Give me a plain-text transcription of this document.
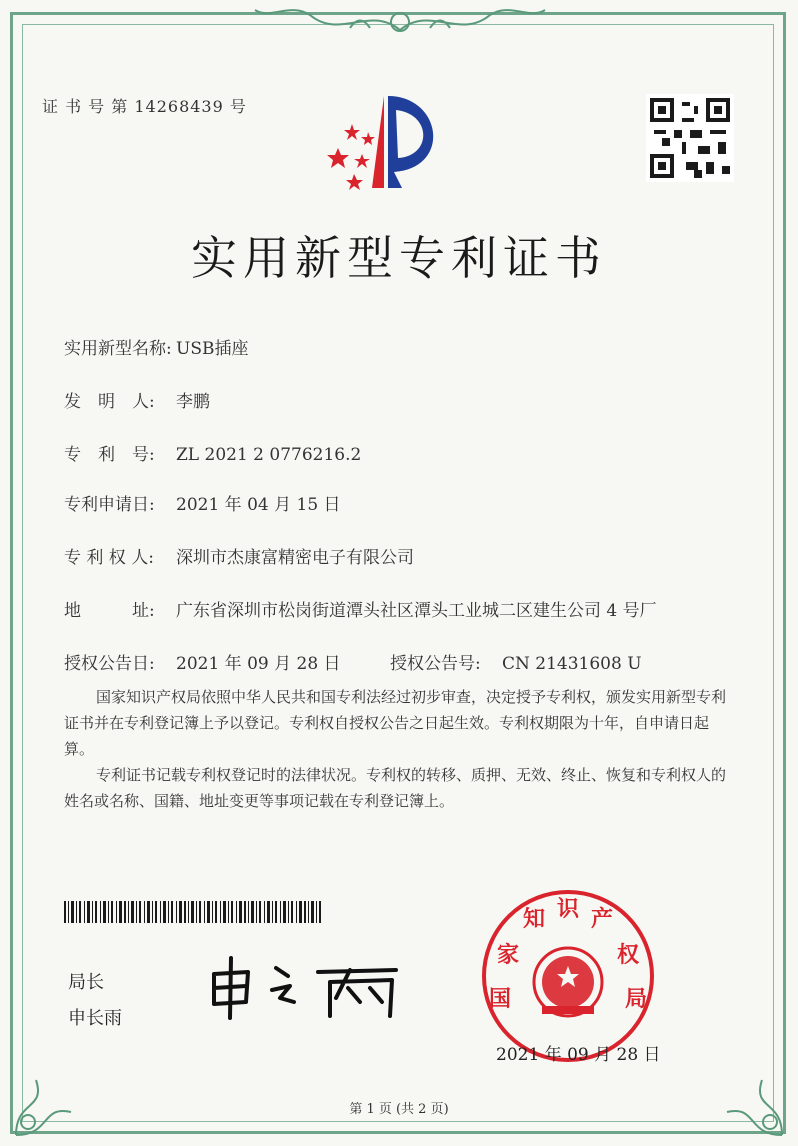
证 书 号 第 14268439 号
实用新型专利证书
实用新型名称: USB插座
发　明　人: 李鹏
专　利　号: ZL 2021 2 0776216.2
专利申请日: 2021 年 04 月 15 日
专 利 权 人: 深圳市杰康富精密电子有限公司
地　　　址: 广东省深圳市松岗街道潭头社区潭头工业城二区建生公司 4 号厂
授权公告日: 2021 年 09 月 28 日	授权公告号: CN 21431608 U
国家知识产权局依照中华人民共和国专利法经过初步审查，决定授予专利权，颁发实用新型专利证书并在专利登记簿上予以登记。专利权自授权公告之日起生效。专利权期限为十年，自申请日起算。
专利证书记载专利权登记时的法律状况。专利权的转移、质押、无效、终止、恢复和专利权人的姓名或名称、国籍、地址变更等事项记载在专利登记簿上。
局长
申长雨
国
家
知 识 产
权
局
2021 年 09 月 28 日
第 1 页 (共 2 页)
